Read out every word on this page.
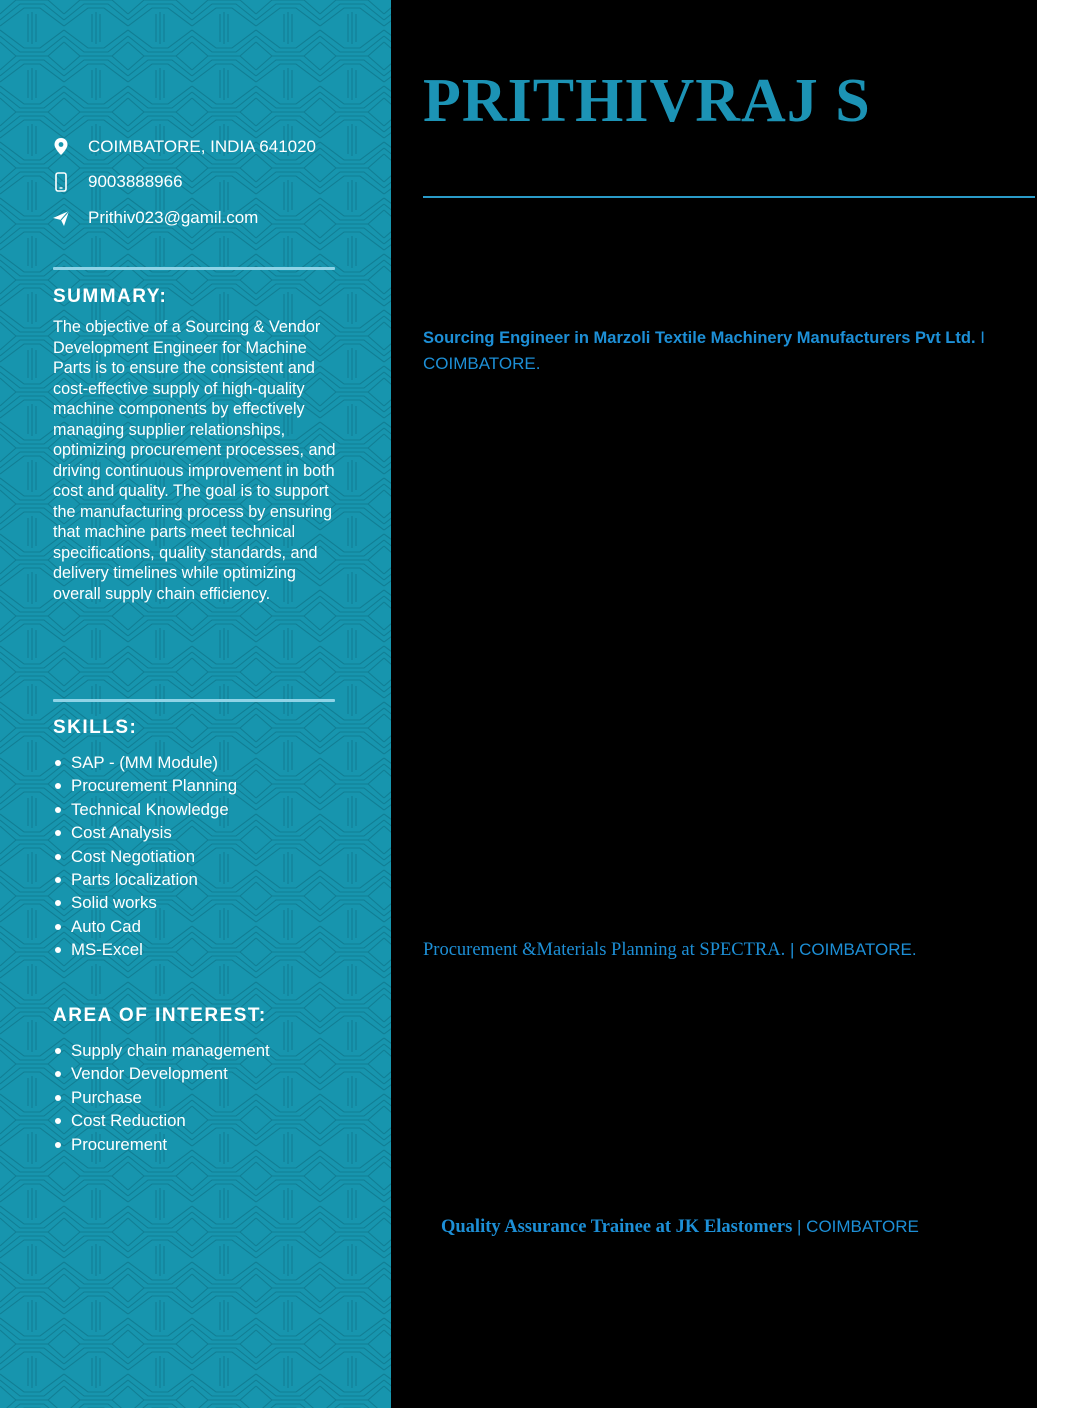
COIMBATORE, INDIA 641020
9003888966
Prithiv023@gamil.com
SUMMARY:

The objective of a Sourcing & Vendor Development Engineer for Machine Parts is to ensure the consistent and cost-effective supply of high-quality machine components by effectively managing supplier relationships, optimizing procurement processes, and driving continuous improvement in both cost and quality. The goal is to support the manufacturing process by ensuring that machine parts meet technical specifications, quality standards, and delivery timelines while optimizing overall supply chain efficiency.

SKILLS:
SAP - (MM Module)
Procurement Planning
Technical Knowledge
Cost Analysis
Cost Negotiation
Parts localization
Solid works
Auto Cad
MS-Excel
AREA OF INTEREST:
Supply chain management
Vendor Development
Purchase
Cost Reduction
Procurement
PRITHIVRAJ S
Sourcing Engineer in Marzoli Textile Machinery Manufacturers Pvt Ltd. I COIMBATORE.
Procurement &Materials Planning at SPECTRA. | COIMBATORE.
Quality Assurance Trainee at JK Elastomers | COIMBATORE
